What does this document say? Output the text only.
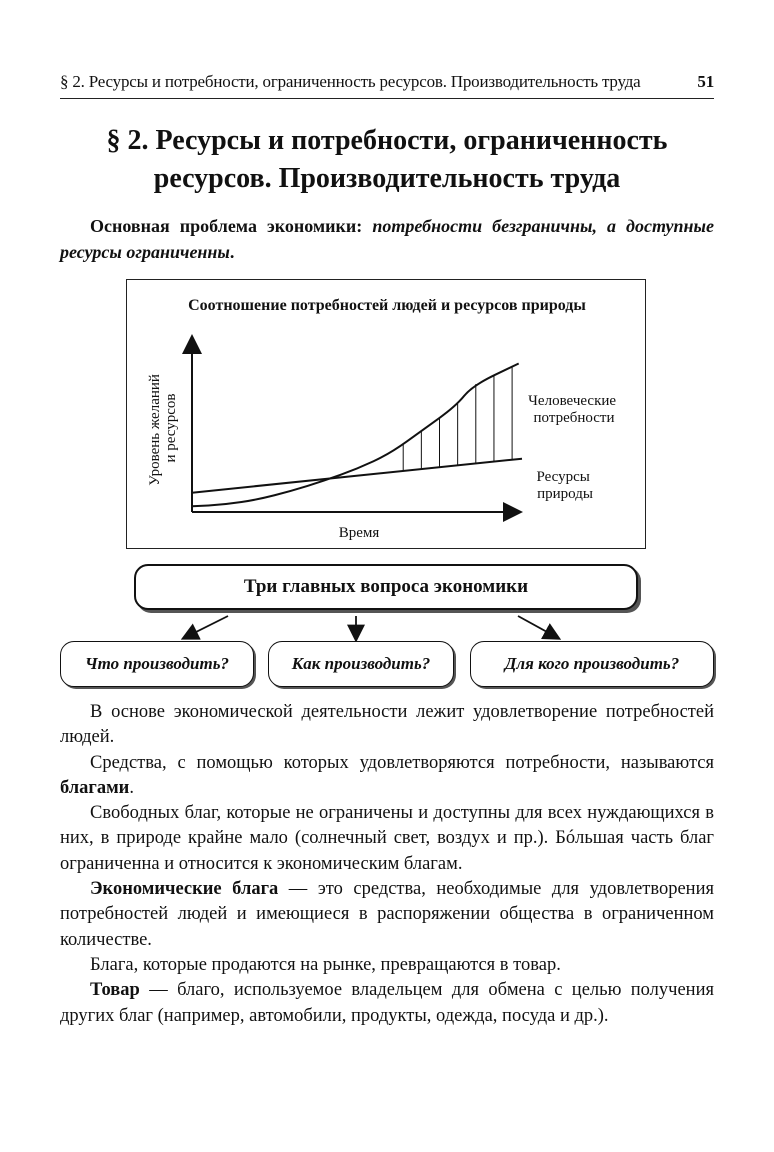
§ 2. Ресурсы и потребности, ограниченность ресурсов. Производительность труда	51
§ 2. Ресурсы и потребности, ограниченность ресурсов. Производительность труда

Основная проблема экономики: потребности безграничны, а доступные ресурсы ограниченны.

Соотношение потребностей людей и ресурсов природы
Уровень желаний и ресурсов
Время
Человеческие потребности
Ресурсы природы
Три главных вопроса экономики
Что производить?	Как производить?	Для кого производить?

В основе экономической деятельности лежит удовлетворение потребностей людей.

Средства, с помощью которых удовлетворяются потребности, называются благами.

Свободных благ, которые не ограничены и доступны для всех нуждающихся в них, в природе крайне мало (солнечный свет, воздух и пр.). Бóльшая часть благ ограниченна и относится к экономическим благам.

Экономические блага — это средства, необходимые для удовлетворения потребностей людей и имеющиеся в распоряжении общества в ограниченном количестве.

Блага, которые продаются на рынке, превращаются в товар.

Товар — благо, используемое владельцем для обмена с целью получения других благ (например, автомобили, продукты, одежда, посуда и др.).
